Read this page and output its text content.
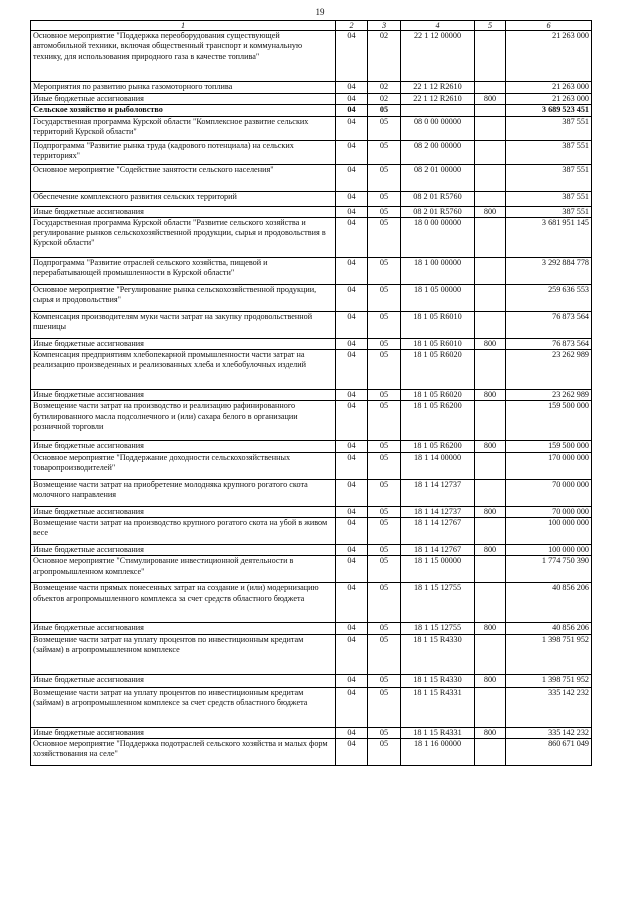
19
1	2	3	4	5	6
Основное мероприятие "Поддержка переоборудования существующей автомобильной техники, включая общественный транспорт и коммунальную технику, для использования природного газа в качестве топлива"	04	02	22 1 12 00000		21 263 000
Мероприятия по развитию рынка газомоторного топлива	04	02	22 1 12 R2610		21 263 000
Иные бюджетные ассигнования	04	02	22 1 12 R2610	800	21 263 000
Сельское хозяйство и рыболовство	04	05			3 689 523 451
Государственная программа Курской области "Комплексное развитие сельских территорий Курской области"	04	05	08 0 00 00000		387 551
Подпрограмма "Развитие рынка труда (кадрового потенциала) на сельских территориях"	04	05	08 2 00 00000		387 551
Основное мероприятие "Содействие занятости сельского населения"	04	05	08 2 01 00000		387 551
Обеспечение комплексного развития сельских территорий	04	05	08 2 01 R5760		387 551
Иные бюджетные ассигнования	04	05	08 2 01 R5760	800	387 551
Государственная программа Курской области "Развитие сельского хозяйства и регулирование рынков сельскохозяйственной продукции, сырья и продовольствия в Курской области"	04	05	18 0 00 00000		3 681 951 145
Подпрограмма "Развитие отраслей сельского хозяйства, пищевой и перерабатывающей промышленности в Курской области"	04	05	18 1 00 00000		3 292 884 778
Основное мероприятие "Регулирование рынка сельскохозяйственной продукции, сырья и продовольствия"	04	05	18 1 05 00000		259 636 553
Компенсация производителям муки части затрат на закупку продовольственной пшеницы	04	05	18 1 05 R6010		76 873 564
Иные бюджетные ассигнования	04	05	18 1 05 R6010	800	76 873 564
Компенсация предприятиям хлебопекарной промышленности части затрат на реализацию произведенных и реализованных хлеба и хлебобулочных изделий	04	05	18 1 05 R6020		23 262 989
Иные бюджетные ассигнования	04	05	18 1 05 R6020	800	23 262 989
Возмещение части затрат на производство и реализацию рафинированного бутилированного масла подсолнечного и (или) сахара белого в организации розничной торговли	04	05	18 1 05 R6200		159 500 000
Иные бюджетные ассигнования	04	05	18 1 05 R6200	800	159 500 000
Основное мероприятие "Поддержание доходности сельскохозяйственных товаропроизводителей"	04	05	18 1 14 00000		170 000 000
Возмещение части затрат на приобретение молодняка крупного рогатого скота молочного направления	04	05	18 1 14 12737		70 000 000
Иные бюджетные ассигнования	04	05	18 1 14 12737	800	70 000 000
Возмещение части затрат на производство крупного рогатого скота на убой в живом весе	04	05	18 1 14 12767		100 000 000
Иные бюджетные ассигнования	04	05	18 1 14 12767	800	100 000 000
Основное мероприятие "Стимулирование инвестиционной деятельности в агропромышленном комплексе"	04	05	18 1 15 00000		1 774 750 390
Возмещение части прямых понесенных затрат на создание и (или) модернизацию объектов агропромышленного комплекса за счет средств областного бюджета	04	05	18 1 15 12755		40 856 206
Иные бюджетные ассигнования	04	05	18 1 15 12755	800	40 856 206
Возмещение части затрат на уплату процентов по инвестиционным кредитам (займам) в агропромышленном комплексе	04	05	18 1 15 R4330		1 398 751 952
Иные бюджетные ассигнования	04	05	18 1 15 R4330	800	1 398 751 952
Возмещение части затрат на уплату процентов по инвестиционным кредитам (займам) в агропромышленном комплексе за счет средств областного бюджета	04	05	18 1 15 R4331		335 142 232
Иные бюджетные ассигнования	04	05	18 1 15 R4331	800	335 142 232
Основное мероприятие "Поддержка подотраслей сельского хозяйства и малых форм хозяйствования на селе"	04	05	18 1 16 00000		860 671 049
